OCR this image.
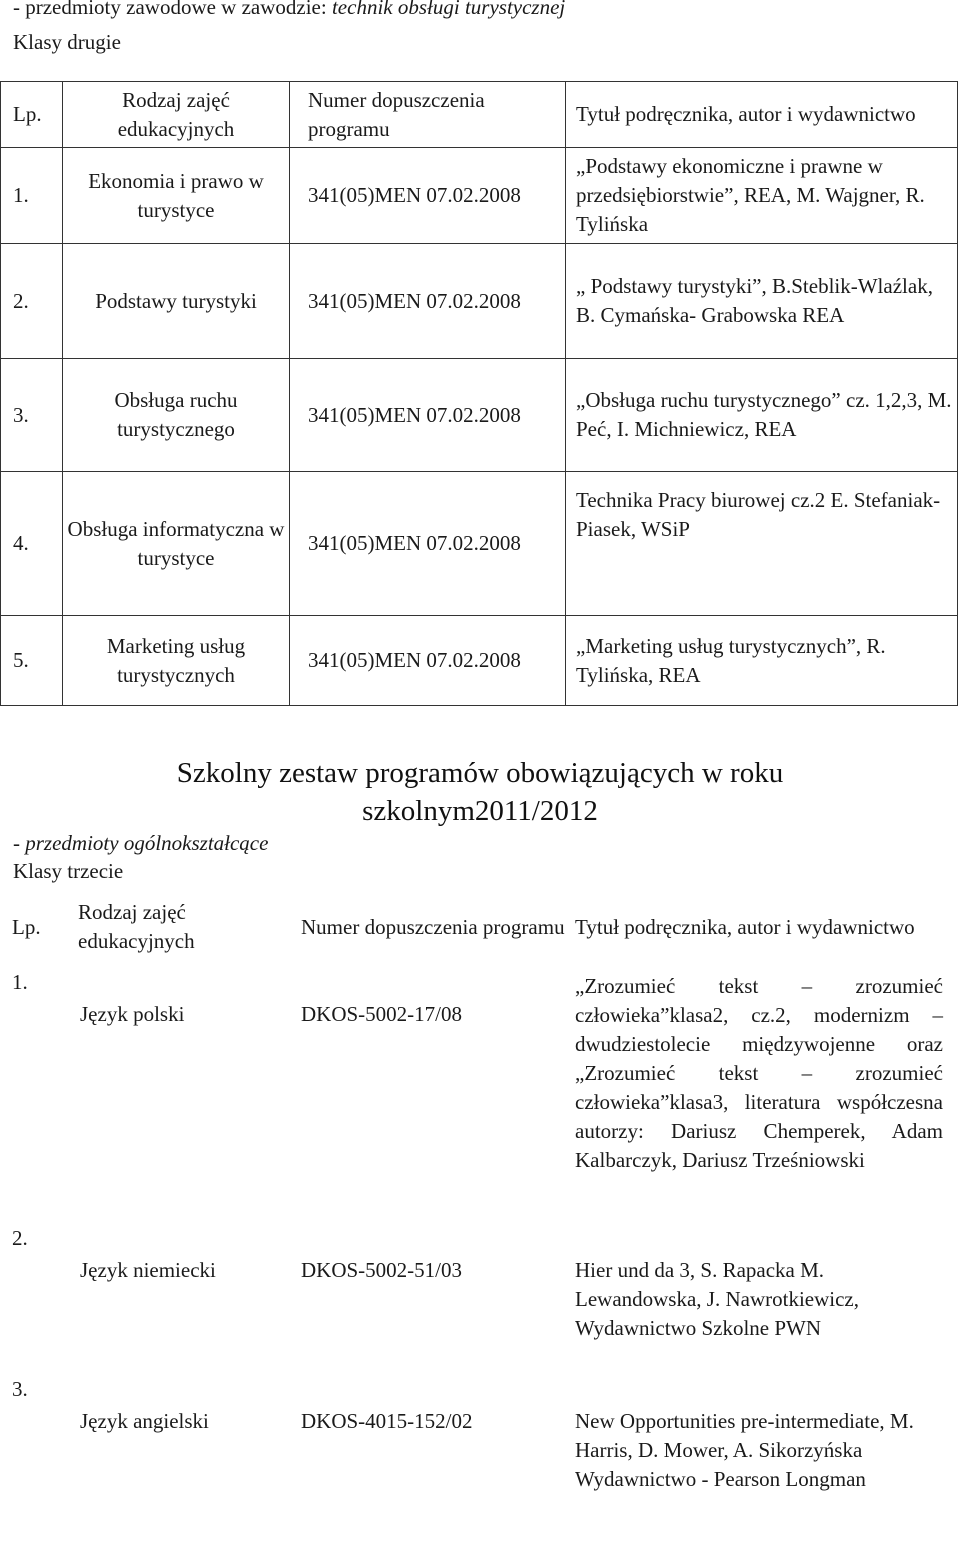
- przedmioty zawodowe w zawodzie: technik obsługi turystycznej
Klasy drugie
Lp.	Rodzaj zajęć edukacyjnych	Numer dopuszczenia programu	Tytuł podręcznika, autor i wydawnictwo
1.	Ekonomia i prawo w turystyce	341(05)MEN 07.02.2008	„Podstawy ekonomiczne i prawne w przedsiębiorstwie”, REA, M. Wajgner, R. Tylińska
2.	Podstawy turystyki	341(05)MEN 07.02.2008	„ Podstawy turystyki”, B.Steblik-Wlaźlak, B. Cymańska- Grabowska REA
3.	Obsługa ruchu turystycznego	341(05)MEN 07.02.2008	„Obsługa ruchu turystycznego” cz. 1,2,3, M. Peć, I. Michniewicz, REA
4.	Obsługa informatyczna w turystyce	341(05)MEN 07.02.2008	Technika Pracy biurowej cz.2 E. Stefaniak-Piasek, WSiP
5.	Marketing usług turystycznych	341(05)MEN 07.02.2008	„Marketing usług turystycznych”, R. Tylińska, REA
Szkolny zestaw programów obowiązujących w roku
szkolnym2011/2012
- przedmioty ogólnokształcące
Klasy trzecie
Lp.	Rodzaj zajęć edukacyjnych	Numer dopuszczenia programu	Tytuł podręcznika, autor i wydawnictwo
1.	Język polski	DKOS-5002-17/08	„Zrozumieć tekst – zrozumieć człowieka”klasa2, cz.2, modernizm – dwudziestolecie międzywojenne oraz „Zrozumieć tekst – zrozumieć człowieka”klasa3, literatura współczesna autorzy: Dariusz Chemperek, Adam Kalbarczyk, Dariusz Trześniowski
2.	Język niemiecki	DKOS-5002-51/03	Hier und da 3, S. Rapacka M. Lewandowska, J. Nawrotkiewicz, Wydawnictwo Szkolne PWN
3.	Język angielski	DKOS-4015-152/02	New Opportunities pre-intermediate, M. Harris, D. Mower, A. Sikorzyńska Wydawnictwo - Pearson Longman
